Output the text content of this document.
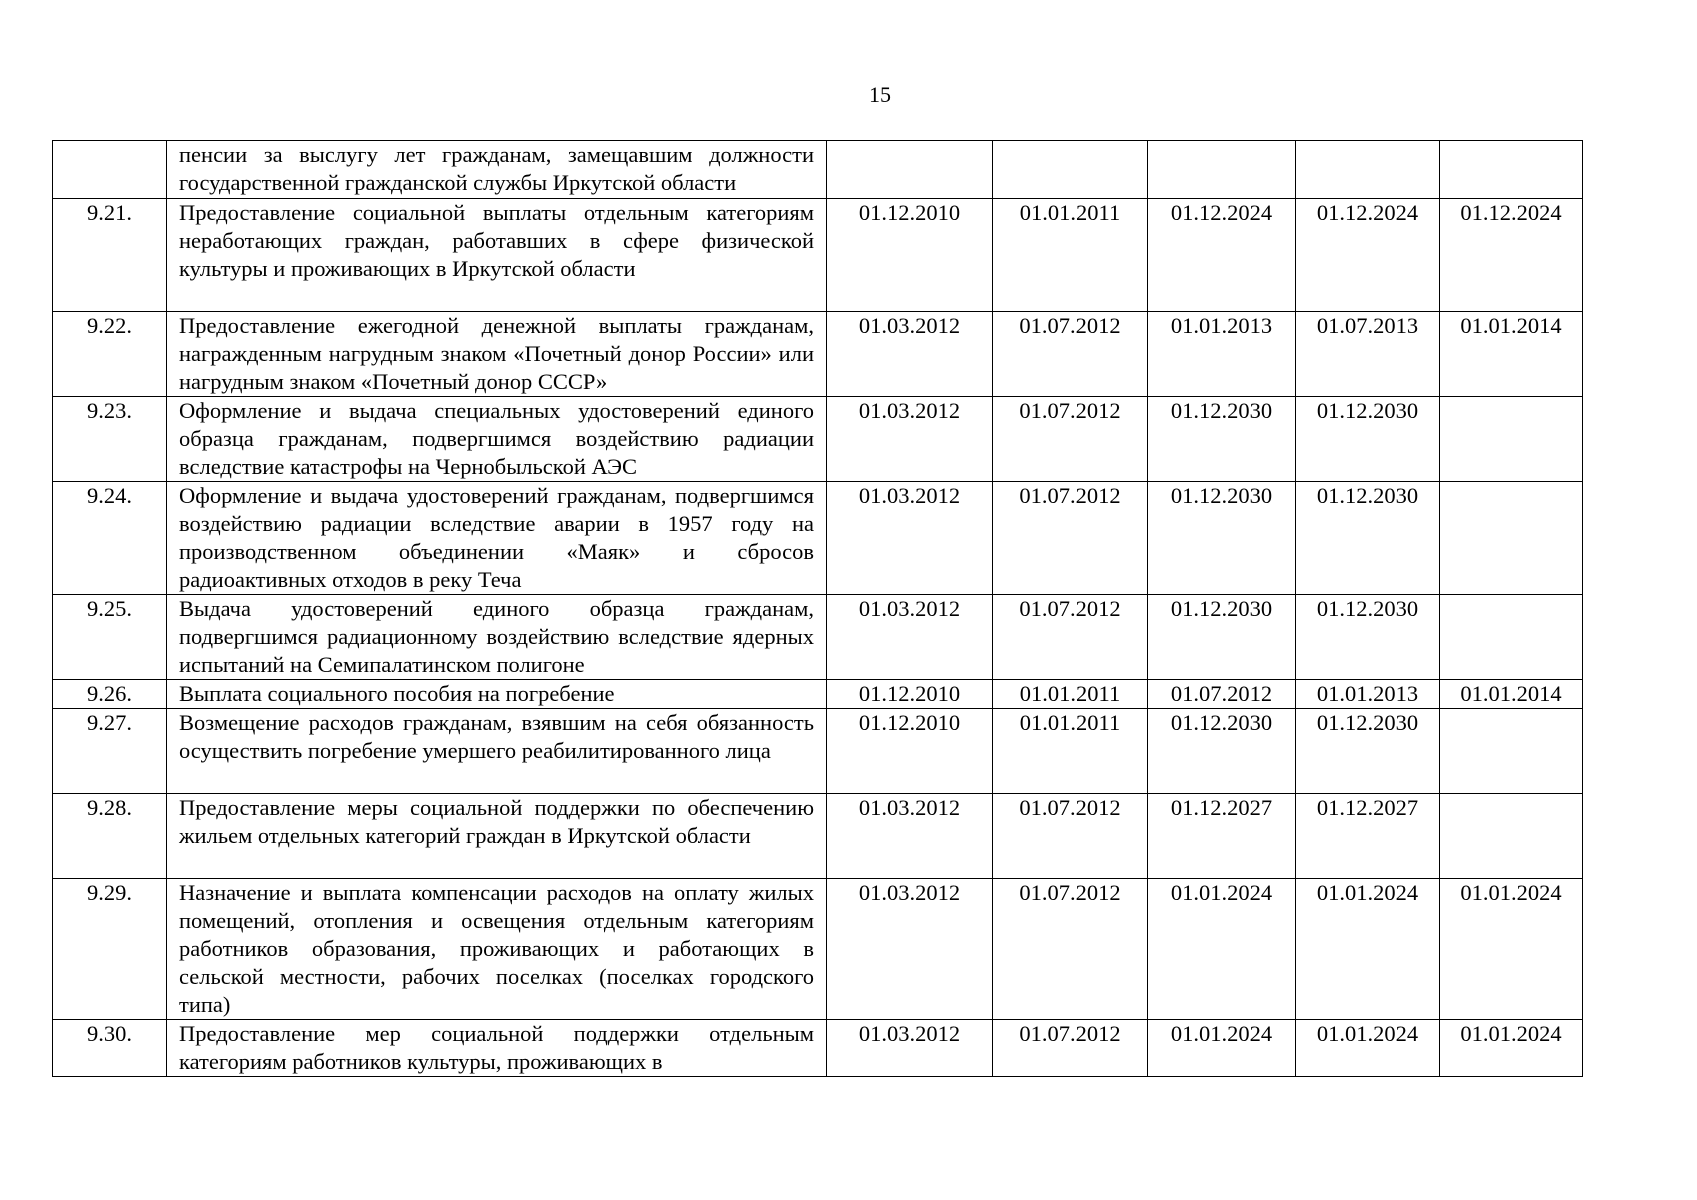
15
	пенсии за выслугу лет гражданам, замещавшим должности государственной гражданской службы Иркутской области					
9.21.	Предоставление социальной выплаты отдельным категориям неработающих граждан, работавших в сфере физической культуры и проживающих в Иркутской области	01.12.2010	01.01.2011	01.12.2024	01.12.2024	01.12.2024
9.22.	Предоставление ежегодной денежной выплаты гражданам, награжденным нагрудным знаком «Почетный донор России» или нагрудным знаком «Почетный донор СССР»	01.03.2012	01.07.2012	01.01.2013	01.07.2013	01.01.2014
9.23.	Оформление и выдача специальных удостоверений единого образца гражданам, подвергшимся воздействию радиации вследствие катастрофы на Чернобыльской АЭС	01.03.2012	01.07.2012	01.12.2030	01.12.2030	
9.24.	Оформление и выдача удостоверений гражданам, подвергшимся воздействию радиации вследствие аварии в 1957 году на производственном объединении «Маяк» и сбросов радиоактивных отходов в реку Теча	01.03.2012	01.07.2012	01.12.2030	01.12.2030	
9.25.	Выдача удостоверений единого образца гражданам, подвергшимся радиационному воздействию вследствие ядерных испытаний на Семипалатинском полигоне	01.03.2012	01.07.2012	01.12.2030	01.12.2030	
9.26.	Выплата социального пособия на погребение	01.12.2010	01.01.2011	01.07.2012	01.01.2013	01.01.2014
9.27.	Возмещение расходов гражданам, взявшим на себя обязанность осуществить погребение умершего реабилитированного лица	01.12.2010	01.01.2011	01.12.2030	01.12.2030	
9.28.	Предоставление меры социальной поддержки по обеспечению жильем отдельных категорий граждан в Иркутской области	01.03.2012	01.07.2012	01.12.2027	01.12.2027	
9.29.	Назначение и выплата компенсации расходов на оплату жилых помещений, отопления и освещения отдельным категориям работников образования, проживающих и работающих в сельской местности, рабочих поселках (поселках городского типа)	01.03.2012	01.07.2012	01.01.2024	01.01.2024	01.01.2024
9.30.	Предоставление мер социальной поддержки отдельным категориям работников культуры, проживающих в	01.03.2012	01.07.2012	01.01.2024	01.01.2024	01.01.2024
